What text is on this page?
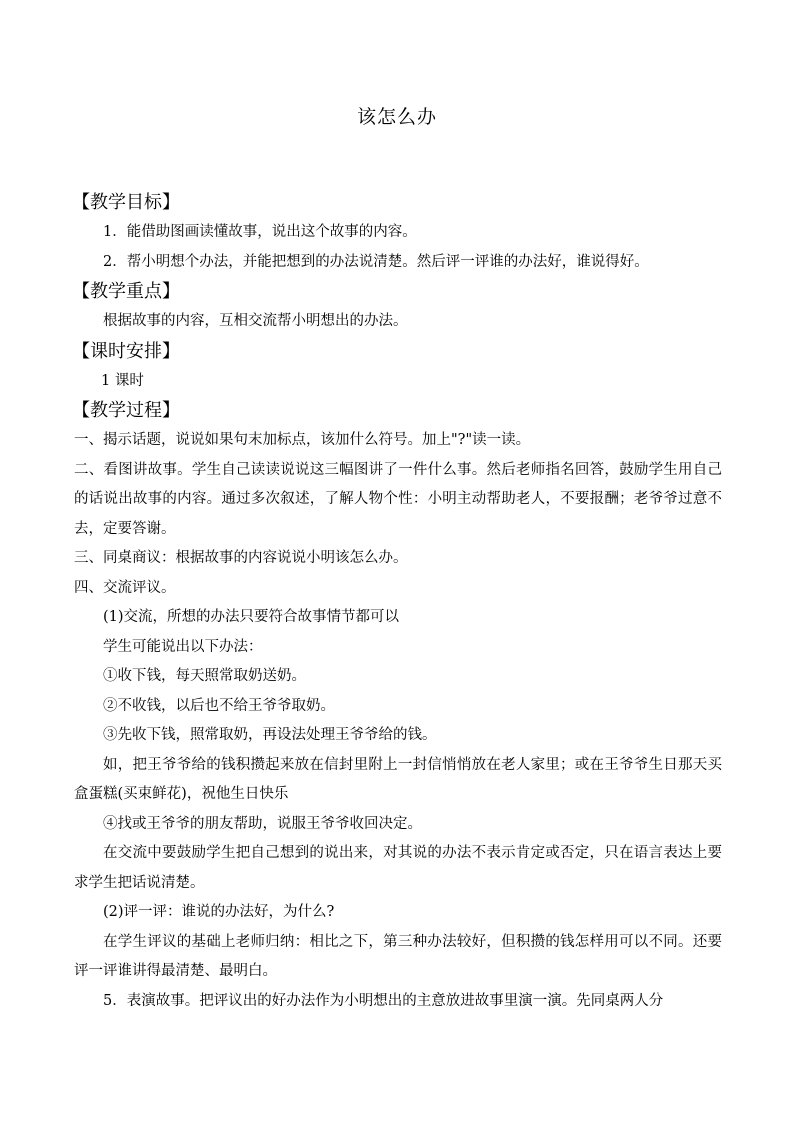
该怎么办
【教学目标】
1．能借助图画读懂故事，说出这个故事的内容。
2．帮小明想个办法，并能把想到的办法说清楚。然后评一评谁的办法好，谁说得好。
【教学重点】
根据故事的内容，互相交流帮小明想出的办法。
【课时安排】
1 课时
【教学过程】
一、揭示话题，说说如果句末加标点，该加什么符号。加上"?"读一读。
二、看图讲故事。学生自己读读说说这三幅图讲了一件什么事。然后老师指名回答，鼓励学生用自己的话说出故事的内容。通过多次叙述，了解人物个性：小明主动帮助老人，不要报酬；老爷爷过意不去，定要答谢。
三、同桌商议：根据故事的内容说说小明该怎么办。
四、交流评议。
(1)交流，所想的办法只要符合故事情节都可以
学生可能说出以下办法：
①收下钱，每天照常取奶送奶。
②不收钱，以后也不给王爷爷取奶。
③先收下钱，照常取奶，再设法处理王爷爷给的钱。
如，把王爷爷给的钱积攒起来放在信封里附上一封信悄悄放在老人家里；或在王爷爷生日那天买盒蛋糕(买束鲜花)，祝他生日快乐
④找或王爷爷的朋友帮助，说服王爷爷收回决定。
在交流中要鼓励学生把自己想到的说出来，对其说的办法不表示肯定或否定，只在语言表达上要求学生把话说清楚。
(2)评一评：谁说的办法好，为什么?
在学生评议的基础上老师归纳：相比之下，第三种办法较好，但积攒的钱怎样用可以不同。还要评一评谁讲得最清楚、最明白。
5．表演故事。把评议出的好办法作为小明想出的主意放进故事里演一演。先同桌两人分
